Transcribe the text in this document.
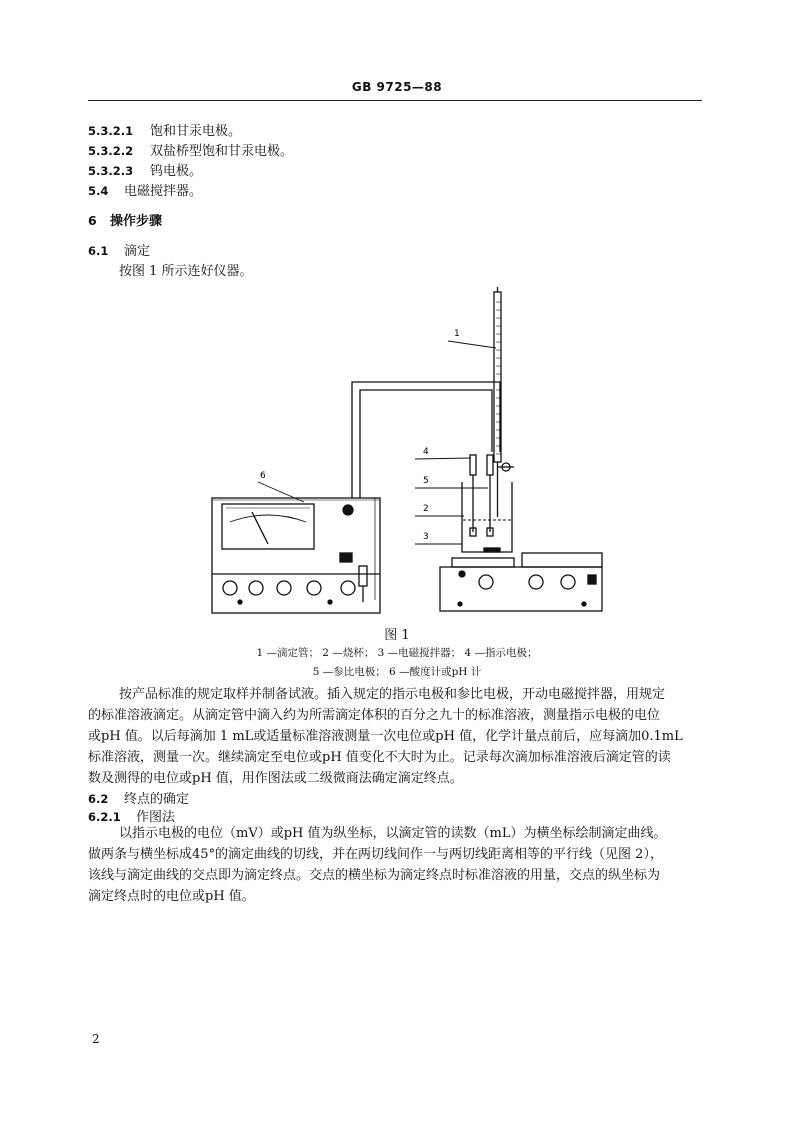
GB 9725—88
5.3.2.1 饱和甘汞电极。
5.3.2.2 双盐桥型饱和甘汞电极。
5.3.2.3 钨电极。
5.4 电磁搅拌器。
6 操作步骤
6.1 滴定
按图 1 所示连好仪器。
1
4
5
2
3
6
图 1
1 —滴定管； 2 —烧杯； 3 —电磁搅拌器； 4 —指示电极；
5 —参比电极； 6 —酸度计或pH 计

按产品标准的规定取样并制备试液。插入规定的指示电极和参比电极，开动电磁搅拌器，用规定

的标准溶液滴定。从滴定管中滴入约为所需滴定体积的百分之九十的标准溶液，测量指示电极的电位

或pH 值。以后每滴加 1 mL或适量标准溶液测量一次电位或pH 值，化学计量点前后，应每滴加0.1mL

标准溶液，测量一次。继续滴定至电位或pH 值变化不大时为止。记录每次滴加标准溶液后滴定管的读

数及测得的电位或pH 值，用作图法或二级微商法确定滴定终点。

6.2 终点的确定
6.2.1 作图法

以指示电极的电位（mV）或pH 值为纵坐标，以滴定管的读数（mL）为横坐标绘制滴定曲线。

做两条与横坐标成45°的滴定曲线的切线，并在两切线间作一与两切线距离相等的平行线（见图 2），

该线与滴定曲线的交点即为滴定终点。交点的横坐标为滴定终点时标准溶液的用量，交点的纵坐标为

滴定终点时的电位或pH 值。

2
